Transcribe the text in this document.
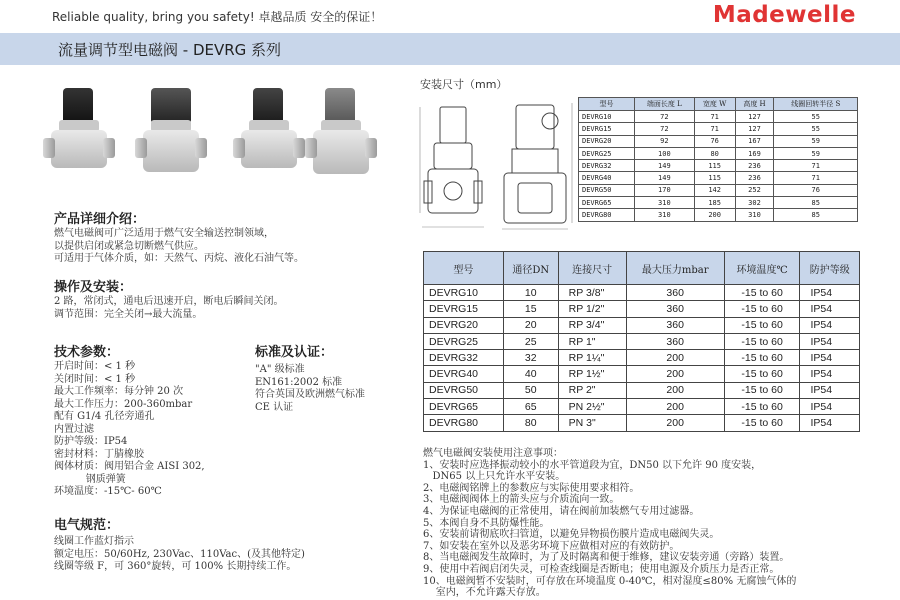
Reliable quality, bring you safety! 卓越品质 安全的保证！	Madewelle
流量调节型电磁阀 - DEVRG 系列
产品详细介绍：
燃气电磁阀可广泛适用于燃气安全输送控制领域，
以提供启闭或紧急切断燃气供应。
可适用于气体介质，如：天然气、丙烷、液化石油气等。
操作及安装：
2 路，常闭式，通电后迅速开启，断电后瞬间关闭。
调节范围：完全关闭→最大流量。
技术参数：
开启时间：< 1 秒
关闭时间：< 1 秒
最大工作频率：每分钟 20 次
最大工作压力：200-360mbar
配有 G1/4 孔径旁通孔
内置过滤
防护等级：IP54
密封材料：丁腈橡胶
阀体材质：阀用铝合金 AISI 302,
钢质弹簧
环境温度：-15℃- 60℃
标准及认证：
"A" 级标准
EN161:2002 标准
符合英国及欧洲燃气标准
CE 认证
电气规范：
线圈工作蓝灯指示
额定电压：50/60Hz, 230Vac、110Vac、(及其他特定)
线圈等级 F，可 360°旋转，可 100% 长期持续工作。
安装尺寸（mm）
型号	端面长度 L	宽度 W	高度 H	线圈回转半径 S
DEVRG10	72	71	127	55
DEVRG15	72	71	127	55
DEVRG20	92	76	167	59
DEVRG25	100	80	169	59
DEVRG32	149	115	236	71
DEVRG40	149	115	236	71
DEVRG50	170	142	252	76
DEVRG65	310	185	302	85
DEVRG80	310	200	310	85
型号	通径DN	连接尺寸	最大压力mbar	环境温度℃	防护等级
DEVRG10	10	RP 3/8"	360	-15 to 60	IP54
DEVRG15	15	RP 1/2"	360	-15 to 60	IP54
DEVRG20	20	RP 3/4"	360	-15 to 60	IP54
DEVRG25	25	RP 1"	360	-15 to 60	IP54
DEVRG32	32	RP 1¼"	200	-15 to 60	IP54
DEVRG40	40	RP 1½"	200	-15 to 60	IP54
DEVRG50	50	RP 2"	200	-15 to 60	IP54
DEVRG65	65	PN 2½"	200	-15 to 60	IP54
DEVRG80	80	PN 3"	200	-15 to 60	IP54
燃气电磁阀安装使用注意事项：
1、安装时应选择振动较小的水平管道段为宜，DN50 以下允许 90 度安装，
DN65 以上只允许水平安装。
2、电磁阀铭牌上的参数应与实际使用要求相符。
3、电磁阀阀体上的箭头应与介质流向一致。
4、为保证电磁阀的正常使用，请在阀前加装燃气专用过滤器。
5、本阀自身不具防爆性能。
6、安装前请彻底吹扫管道，以避免异物损伤膜片造成电磁阀失灵。
7、如安装在室外以及恶劣环境下应做相对应的有效防护。
8、当电磁阀发生故障时，为了及时隔离和便于维修，建议安装旁通（旁路）装置。
9、使用中若阀启闭失灵，可检查线圈是否断电；使用电源及介质压力是否正常。
10、电磁阀暂不安装时，可存放在环境温度 0-40℃，相对湿度≤80% 无腐蚀气体的
室内，不允许露天存放。
